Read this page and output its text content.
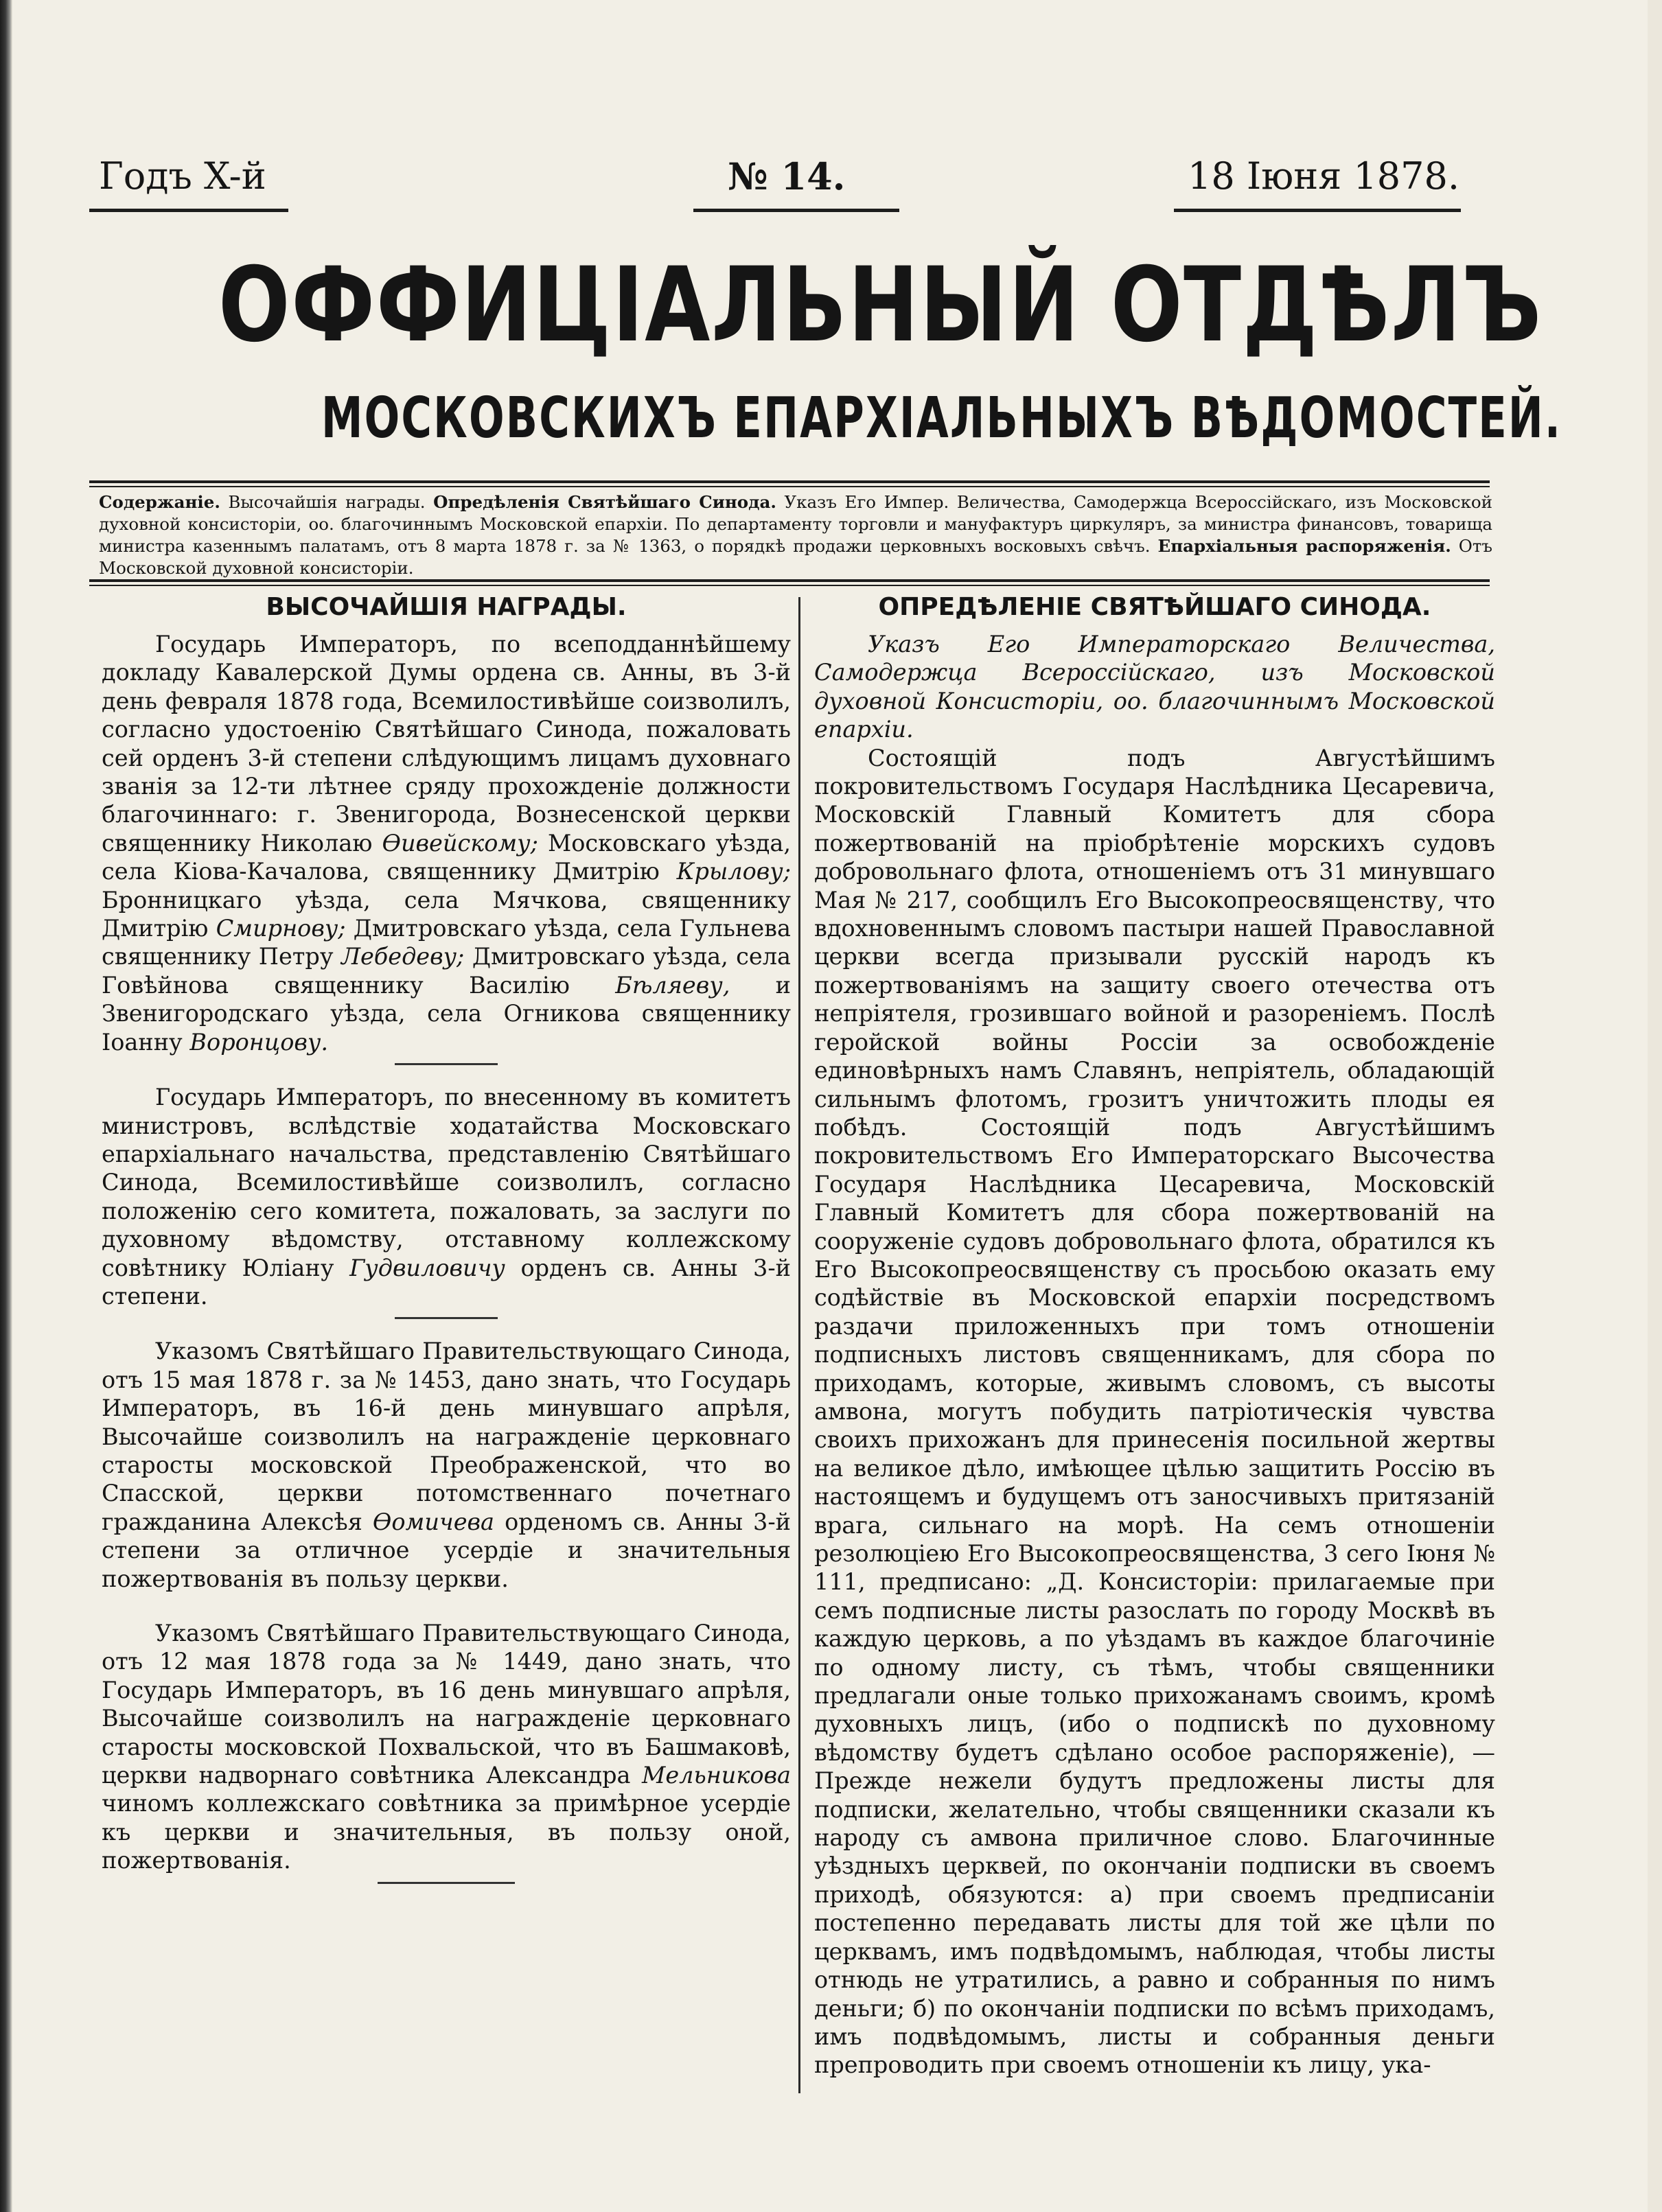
Годъ X-й	№ 14.	18 Іюня 1878.
ОФФИЦІАЛЬНЫЙ ОТДѢЛЪ
МОСКОВСКИХЪ ЕПАРХІАЛЬНЫХЪ ВѢДОМОСТЕЙ.
Содержаніе. Высочайшія награды. Опредѣленія Святѣйшаго Синода. Указъ Его Импер. Величества, Самодержца Всероссійскаго, изъ Московской духовной консисторіи, оо. благочиннымъ Московской епархіи. По департаменту торговли и мануфактуръ циркуляръ, за министра финансовъ, товарища министра казеннымъ палатамъ, отъ 8 марта 1878 г. за № 1363, о порядкѣ продажи церковныхъ восковыхъ свѣчъ. Епархіальныя распоряженія. Отъ Московской духовной консисторіи.
ВЫСОЧАЙШІЯ НАГРАДЫ.

Государь Императоръ, по всеподданнѣйшему докладу Кавалерской Думы ордена св. Анны, въ 3-й день февраля 1878 года, Всемилостивѣйше соизволилъ, согласно удостоенію Святѣйшаго Синода, пожаловать сей орденъ 3-й степени слѣдующимъ лицамъ духовнаго званія за 12-ти лѣтнее сряду прохожденіе должности благочиннаго: г. Звенигорода, Вознесенской церкви священнику Николаю Ѳивейскому; Московскаго уѣзда, села Кіова-Качалова, священнику Дмитрію Крылову; Бронницкаго уѣзда, села Мячкова, священнику Дмитрію Смирнову; Дмитровскаго уѣзда, села Гульнева священнику Петру Лебедеву; Дмитровскаго уѣзда, села Говѣйнова священнику Василію Бѣляеву, и Звенигородскаго уѣзда, села Огникова священнику Іоанну Воронцову.

Государь Императоръ, по внесенному въ комитетъ министровъ, вслѣдствіе ходатайства Московскаго епархіальнаго начальства, представленію Святѣйшаго Синода, Всемилостивѣйше соизволилъ, согласно положенію сего комитета, пожаловать, за заслуги по духовному вѣдомству, отставному коллежскому совѣтнику Юліану Гудвиловичу орденъ св. Анны 3-й степени.

Указомъ Святѣйшаго Правительствующаго Синода, отъ 15 мая 1878 г. за № 1453, дано знать, что Государь Императоръ, въ 16-й день минувшаго апрѣля, Высочайше соизволилъ на награжденіе церковнаго старосты московской Преображенской, что во Спасской, церкви потомственнаго почетнаго гражданина Алексѣя Ѳомичева орденомъ св. Анны 3-й степени за отличное усердіе и значительныя пожертвованія въ пользу церкви.

Указомъ Святѣйшаго Правительствующаго Синода, отъ 12 мая 1878 года за № 1449, дано знать, что Государь Императоръ, въ 16 день минувшаго апрѣля, Высочайше соизволилъ на награжденіе церковнаго старосты московской Похвальской, что въ Башмаковѣ, церкви надворнаго совѣтника Александра Мельникова чиномъ коллежскаго совѣтника за примѣрное усердіе къ церкви и значительныя, въ пользу оной, пожертвованія.

ОПРЕДѢЛЕНІЕ СВЯТѢЙШАГО СИНОДА.

Указъ Его Императорскаго Величества, Самодержца Всероссійскаго, изъ Московской духовной Консисторіи, оо. благочиннымъ Московской епархіи.

Состоящій подъ Августѣйшимъ покровительствомъ Государя Наслѣдника Цесаревича, Московскій Главный Комитетъ для сбора пожертвованій на пріобрѣтеніе морскихъ судовъ добровольнаго флота, отношеніемъ отъ 31 минувшаго Мая № 217, сообщилъ Его Высокопреосвященству, что вдохновеннымъ словомъ пастыри нашей Православной церкви всегда призывали русскій народъ къ пожертвованіямъ на защиту своего отечества отъ непріятеля, грозившаго войной и разореніемъ. Послѣ геройской войны Россіи за освобожденіе единовѣрныхъ намъ Славянъ, непріятель, обладающій сильнымъ флотомъ, грозитъ уничтожить плоды ея побѣдъ. Состоящій подъ Августѣйшимъ покровительствомъ Его Императорскаго Высочества Государя Наслѣдника Цесаревича, Московскій Главный Комитетъ для сбора пожертвованій на сооруженіе судовъ добровольнаго флота, обратился къ Его Высокопреосвященству съ просьбою оказать ему содѣйствіе въ Московской епархіи посредствомъ раздачи приложенныхъ при томъ отношеніи подписныхъ листовъ священникамъ, для сбора по приходамъ, которые, живымъ словомъ, съ высоты амвона, могутъ побудить патріотическія чувства своихъ прихожанъ для принесенія посильной жертвы на великое дѣло, имѣющее цѣлью защитить Россію въ настоящемъ и будущемъ отъ заносчивыхъ притязаній врага, сильнаго на морѣ. На семъ отношеніи резолюціею Его Высокопреосвященства, 3 сего Іюня № 111, предписано: „Д. Консисторіи: прилагаемые при семъ подписные листы разослать по городу Москвѣ въ каждую церковь, а по уѣздамъ въ каждое благочиніе по одному листу, съ тѣмъ, чтобы священники предлагали оные только прихожанамъ своимъ, кромѣ духовныхъ лицъ, (ибо о подпискѣ по духовному вѣдомству будетъ сдѣлано особое распоряженіе), — Прежде нежели будутъ предложены листы для подписки, желательно, чтобы священники сказали къ народу съ амвона приличное слово. Благочинные уѣздныхъ церквей, по окончаніи подписки въ своемъ приходѣ, обязуются: а) при своемъ предписаніи постепенно передавать листы для той же цѣли по церквамъ, имъ подвѣдомымъ, наблюдая, чтобы листы отнюдь не утратились, а равно и собранныя по нимъ деньги; б) по окончаніи подписки по всѣмъ приходамъ, имъ подвѣдомымъ, листы и собранныя деньги препроводить при своемъ отношеніи къ лицу, ука-
